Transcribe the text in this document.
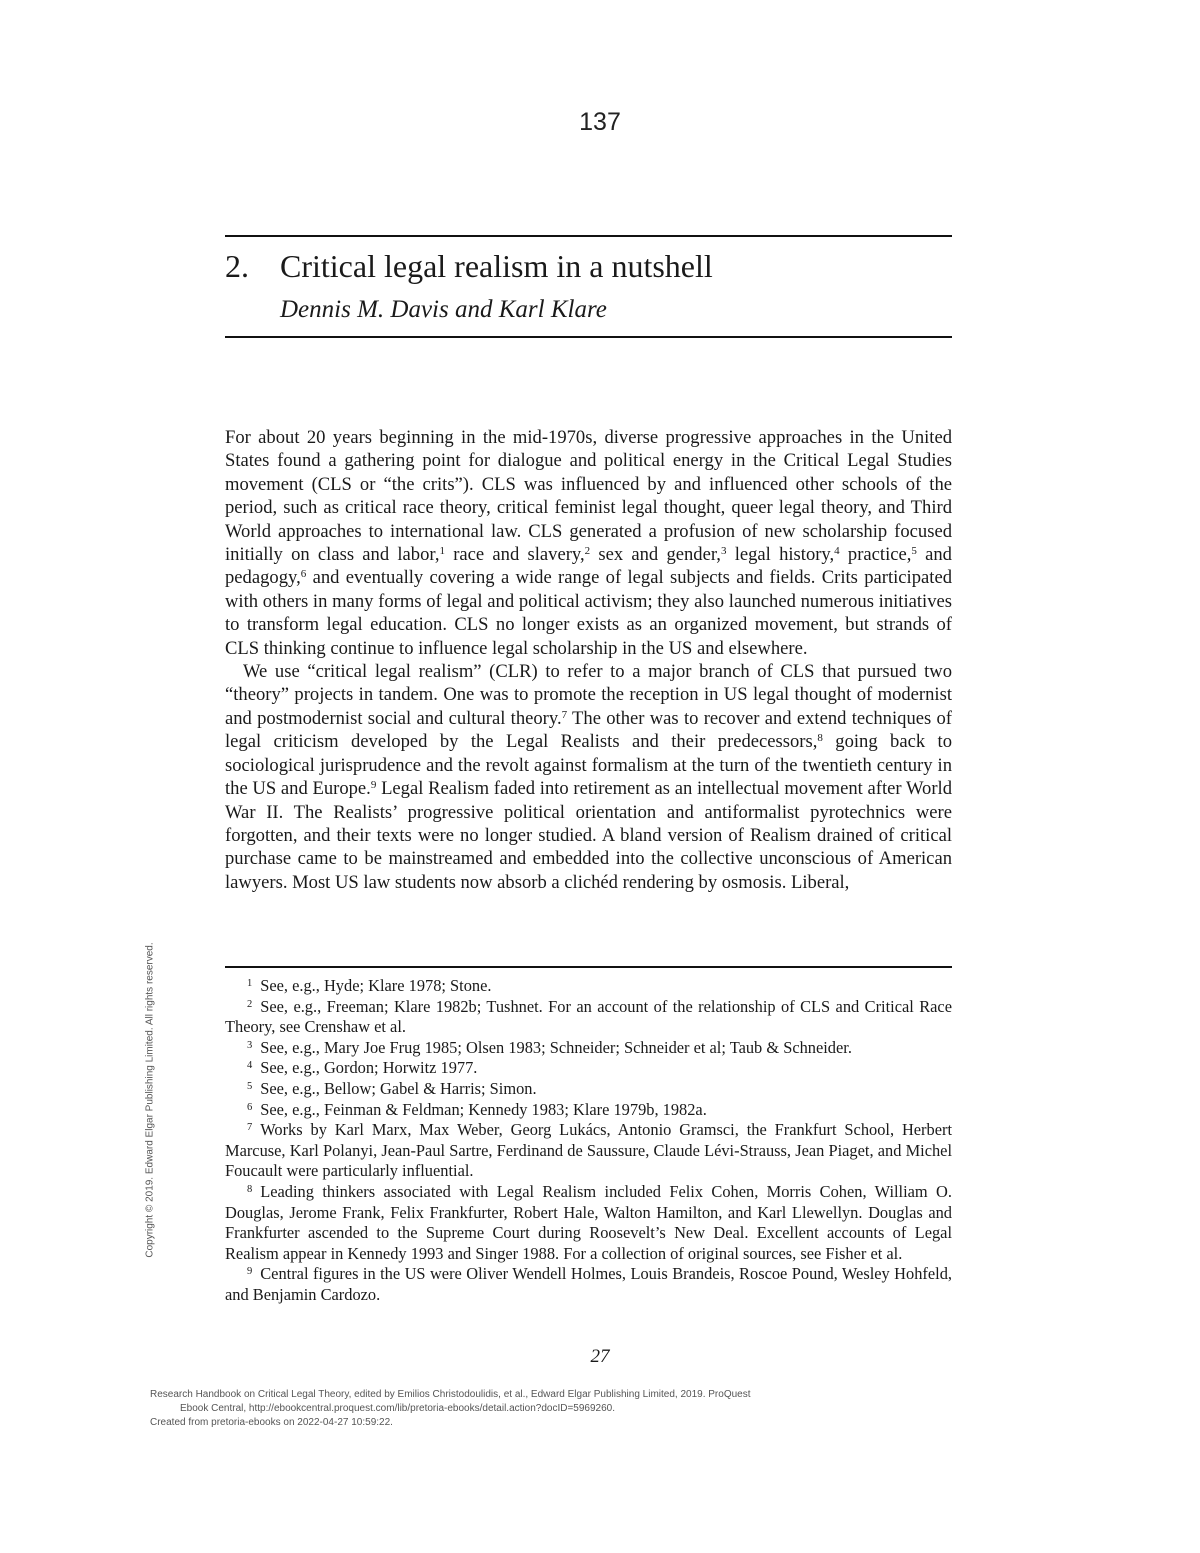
137
2. Critical legal realism in a nutshell
Dennis M. Davis and Karl Klare

For about 20 years beginning in the mid-1970s, diverse progressive approaches in the United States found a gathering point for dialogue and political energy in the Critical Legal Studies movement (CLS or “the crits”). CLS was influenced by and influenced other schools of the period, such as critical race theory, critical feminist legal thought, queer legal theory, and Third World approaches to international law. CLS generated a profusion of new scholarship focused initially on class and labor,$^1$ race and slavery,$^2$ sex and gender,$^3$ legal history,$^4$ practice,$^5$ and pedagogy,$^6$ and eventually covering a wide range of legal subjects and fields. Crits participated with others in many forms of legal and political activism; they also launched numerous initiatives to transform legal education. CLS no longer exists as an organized movement, but strands of CLS thinking continue to influence legal scholarship in the US and elsewhere.

We use “critical legal realism” (CLR) to refer to a major branch of CLS that pursued two “theory” projects in tandem. One was to promote the reception in US legal thought of modernist and postmodernist social and cultural theory.$^7$ The other was to recover and extend techniques of legal criticism developed by the Legal Realists and their predecessors,$^8$ going back to sociological jurisprudence and the revolt against formalism at the turn of the twentieth century in the US and Europe.$^9$ Legal Realism faded into retirement as an intellectual movement after World War II. The Realists’ progressive political orientation and antiformalist pyrotechnics were forgotten, and their texts were no longer studied. A bland version of Realism drained of critical purchase came to be mainstreamed and embedded into the collective unconscious of American lawyers. Most US law students now absorb a clichéd rendering by osmosis. Liberal,

$^1$ See, e.g., Hyde; Klare 1978; Stone.

$^2$ See, e.g., Freeman; Klare 1982b; Tushnet. For an account of the relationship of CLS and Critical Race Theory, see Crenshaw et al.

$^3$ See, e.g., Mary Joe Frug 1985; Olsen 1983; Schneider; Schneider et al; Taub & Schneider.

$^4$ See, e.g., Gordon; Horwitz 1977.

$^5$ See, e.g., Bellow; Gabel & Harris; Simon.

$^6$ See, e.g., Feinman & Feldman; Kennedy 1983; Klare 1979b, 1982a.

$^7$ Works by Karl Marx, Max Weber, Georg Lukács, Antonio Gramsci, the Frankfurt School, Herbert Marcuse, Karl Polanyi, Jean-Paul Sartre, Ferdinand de Saussure, Claude Lévi-Strauss, Jean Piaget, and Michel Foucault were particularly influential.

$^8$ Leading thinkers associated with Legal Realism included Felix Cohen, Morris Cohen, William O. Douglas, Jerome Frank, Felix Frankfurter, Robert Hale, Walton Hamilton, and Karl Llewellyn. Douglas and Frankfurter ascended to the Supreme Court during Roosevelt’s New Deal. Excellent accounts of Legal Realism appear in Kennedy 1993 and Singer 1988. For a collection of original sources, see Fisher et al.

$^9$ Central figures in the US were Oliver Wendell Holmes, Louis Brandeis, Roscoe Pound, Wesley Hohfeld, and Benjamin Cardozo.

27
Copyright © 2019. Edward Elgar Publishing Limited. All rights reserved.
Research Handbook on Critical Legal Theory, edited by Emilios Christodoulidis, et al., Edward Elgar Publishing Limited, 2019. ProQuest
Ebook Central, http://ebookcentral.proquest.com/lib/pretoria-ebooks/detail.action?docID=5969260.
Created from pretoria-ebooks on 2022-04-27 10:59:22.
